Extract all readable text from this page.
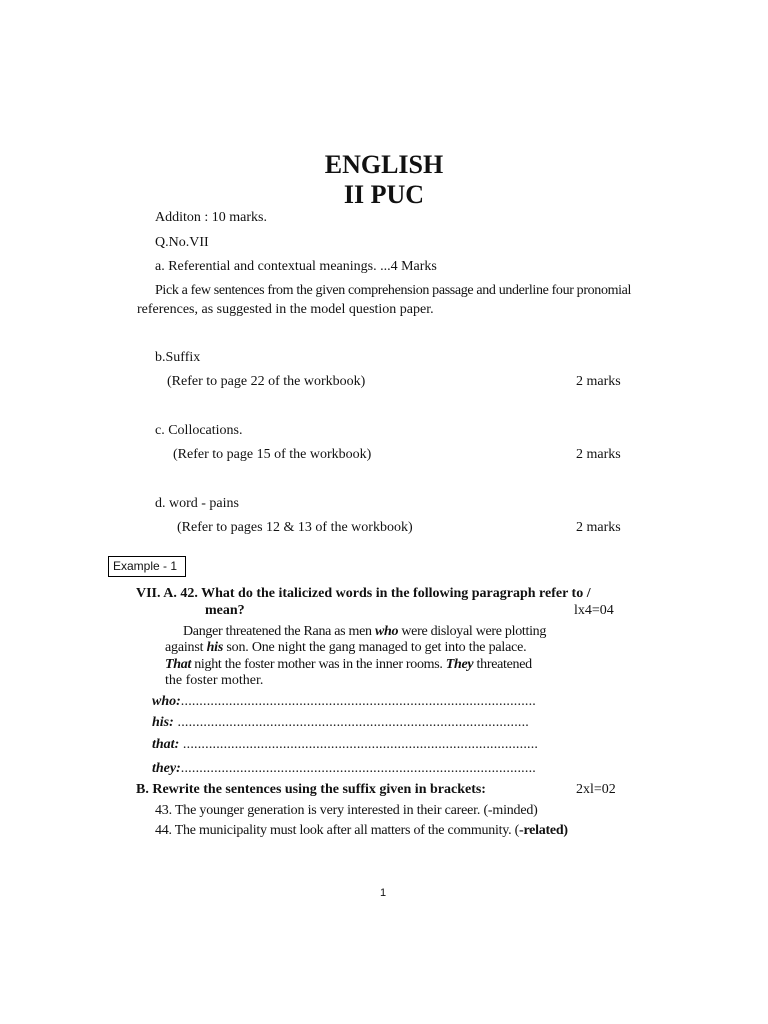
ENGLISH
II PUC
Additon : 10 marks.
Q.No.VII
a. Referential and contextual meanings. ...4 Marks
Pick a few sentences from the given comprehension passage and underline four pronomial
references, as suggested in the model question paper.
b.Suffix
(Refer to page 22 of the workbook)	2 marks
c. Collocations.
(Refer to page 15 of the workbook)	2 marks
d. word - pains
(Refer to pages 12 & 13 of the workbook)	2 marks
Example - 1
VII. A. 42. What do the italicized words in the following paragraph refer to /
mean?	lx4=04
Danger threatened the Rana as men who were disloyal were plotting
against his son. One night the gang managed to get into the palace.
That night the foster mother was in the inner rooms. They threatened
the foster mother.
who:................................................................................................
his: ...............................................................................................
that: ................................................................................................
they:................................................................................................
B. Rewrite the sentences using the suffix given in brackets:	2xl=02
43. The younger generation is very interested in their career. (-minded)
44. The municipality must look after all matters of the community. (-related)
1
